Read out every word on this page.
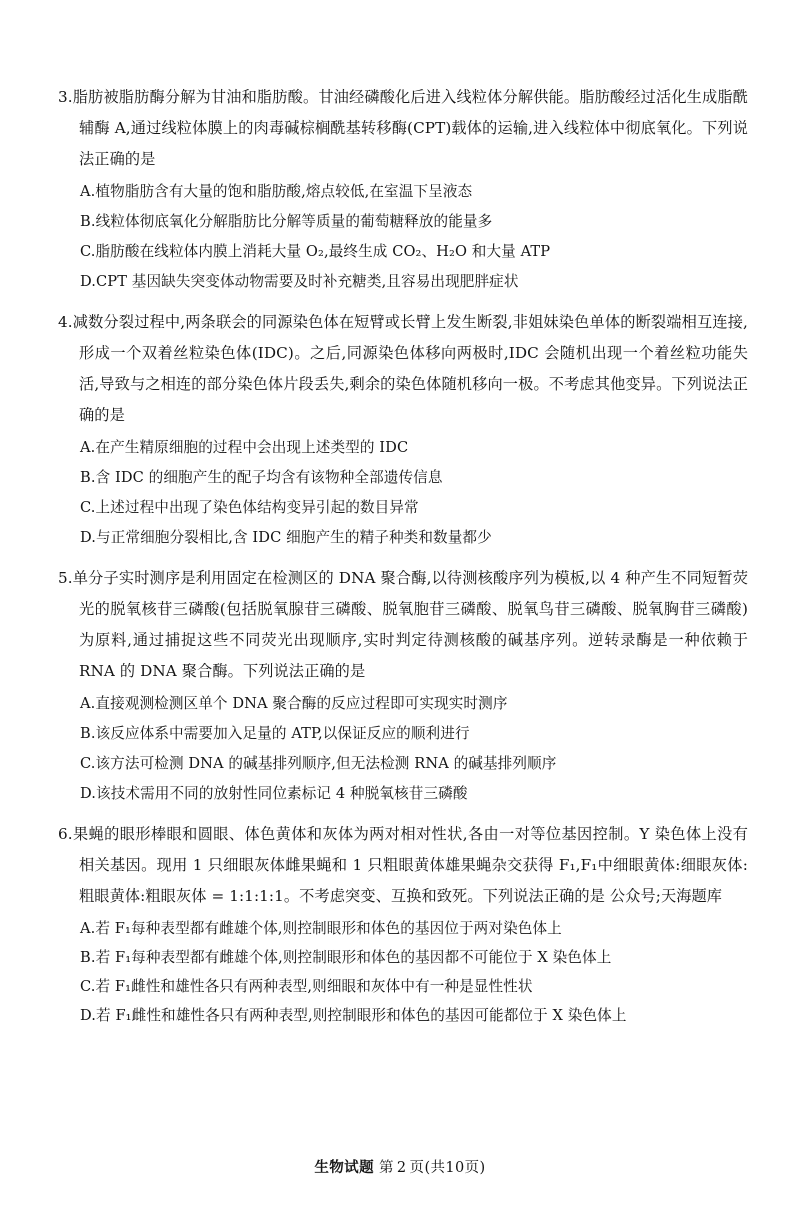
3.脂肪被脂肪酶分解为甘油和脂肪酸。甘油经磷酸化后进入线粒体分解供能。脂肪酸经过活化生成脂酰辅酶 A,通过线粒体膜上的肉毒碱棕榈酰基转移酶(CPT)载体的运输,进入线粒体中彻底氧化。下列说法正确的是
A.植物脂肪含有大量的饱和脂肪酸,熔点较低,在室温下呈液态
B.线粒体彻底氧化分解脂肪比分解等质量的葡萄糖释放的能量多
C.脂肪酸在线粒体内膜上消耗大量 O₂,最终生成 CO₂、H₂O 和大量 ATP
D.CPT 基因缺失突变体动物需要及时补充糖类,且容易出现肥胖症状
4.减数分裂过程中,两条联会的同源染色体在短臂或长臂上发生断裂,非姐妹染色单体的断裂端相互连接,形成一个双着丝粒染色体(IDC)。之后,同源染色体移向两极时,IDC 会随机出现一个着丝粒功能失活,导致与之相连的部分染色体片段丢失,剩余的染色体随机移向一极。不考虑其他变异。下列说法正确的是
A.在产生精原细胞的过程中会出现上述类型的 IDC
B.含 IDC 的细胞产生的配子均含有该物种全部遗传信息
C.上述过程中出现了染色体结构变异引起的数目异常
D.与正常细胞分裂相比,含 IDC 细胞产生的精子种类和数量都少
5.单分子实时测序是利用固定在检测区的 DNA 聚合酶,以待测核酸序列为模板,以 4 种产生不同短暂荧光的脱氧核苷三磷酸(包括脱氧腺苷三磷酸、脱氧胞苷三磷酸、脱氧鸟苷三磷酸、脱氧胸苷三磷酸)为原料,通过捕捉这些不同荧光出现顺序,实时判定待测核酸的碱基序列。逆转录酶是一种依赖于 RNA 的 DNA 聚合酶。下列说法正确的是
A.直接观测检测区单个 DNA 聚合酶的反应过程即可实现实时测序
B.该反应体系中需要加入足量的 ATP,以保证反应的顺利进行
C.该方法可检测 DNA 的碱基排列顺序,但无法检测 RNA 的碱基排列顺序
D.该技术需用不同的放射性同位素标记 4 种脱氧核苷三磷酸
6.果蝇的眼形棒眼和圆眼、体色黄体和灰体为两对相对性状,各由一对等位基因控制。Y 染色体上没有相关基因。现用 1 只细眼灰体雌果蝇和 1 只粗眼黄体雄果蝇杂交获得 F₁,F₁中细眼黄体:细眼灰体:粗眼黄体:粗眼灰体 = 1:1:1:1。不考虑突变、互换和致死。下列说法正确的是 公众号;天海题库
A.若 F₁每种表型都有雌雄个体,则控制眼形和体色的基因位于两对染色体上
B.若 F₁每种表型都有雌雄个体,则控制眼形和体色的基因都不可能位于 X 染色体上
C.若 F₁雌性和雄性各只有两种表型,则细眼和灰体中有一种是显性性状
D.若 F₁雌性和雄性各只有两种表型,则控制眼形和体色的基因可能都位于 X 染色体上
生物试题 第 2 页(共10页)
